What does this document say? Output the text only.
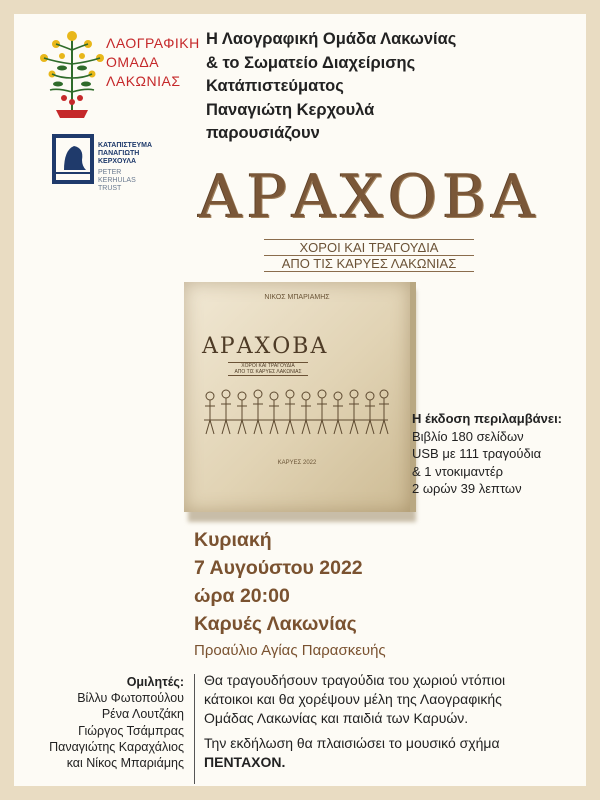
ΛΑΟΓΡΑΦΙΚΗ
ΟΜΑΔΑ
ΛΑΚΩΝΙΑΣ
ΚΑΤΑΠΙΣΤΕΥΜΑ
ΠΑΝΑΓΙΩΤΗ
ΚΕΡΧΟΥΛΑ
PETER
KERHULAS
TRUST
Η Λαογραφική Ομάδα Λακωνίας
& το Σωματείο Διαχείρισης
Κατάπιστεύματος
Παναγιώτη Κερχουλά
παρουσιάζουν
ΑΡΑΧΟΒΑ
ΧΟΡΟΙ ΚΑΙ ΤΡΑΓΟΥΔΙΑ
ΑΠΟ ΤΙΣ ΚΑΡΥΕΣ ΛΑΚΩΝΙΑΣ
ΝΙΚΟΣ ΜΠΑΡΙΑΜΗΣ
ΑΡΑΧΟΒΑ
ΧΟΡΟΙ ΚΑΙ ΤΡΑΓΟΥΔΙΑ
ΑΠΟ ΤΙΣ ΚΑΡΥΕΣ ΛΑΚΩΝΙΑΣ
ΚΑΡΥΕΣ 2022
Η έκδοση περιλαμβάνει:
Βιβλίο 180 σελίδων
USB με 111 τραγούδια
& 1 ντοκιμαντέρ
2 ωρών 39 λεπτων
Κυριακή
7 Αυγούστου 2022
ώρα 20:00
Καρυές Λακωνίας
Προαύλιο Αγίας Παρασκευής
Ομιλητές:
Βίλλυ Φωτοπούλου
Ρένα Λουτζάκη
Γιώργος Τσάμπρας
Παναγιώτης Καραχάλιος
και Νίκος Μπαριάμης

Θα τραγουδήσουν τραγούδια του χωριού ντόπιοι κάτοικοι και θα χορέψουν μέλη της Λαογραφικής Ομάδας Λακωνίας και παιδιά των Καρυών.

Την εκδήλωση θα πλαισιώσει το μουσικό σχήμα
ΠΕΝΤΑΧΟΝ.
